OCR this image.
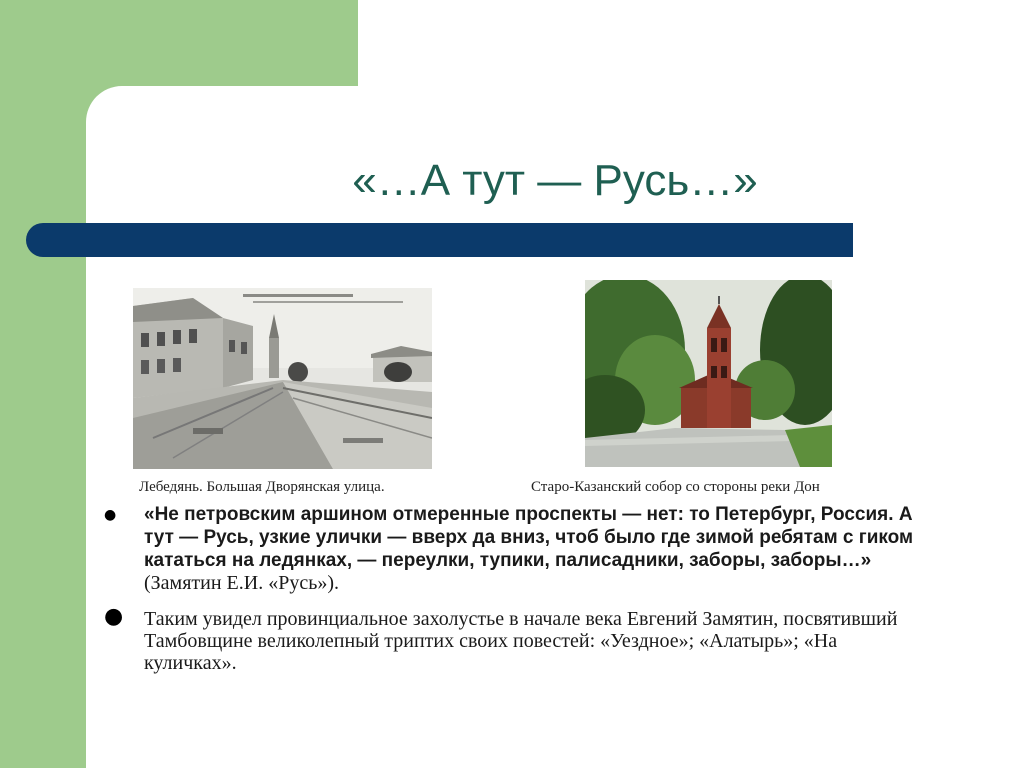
«…А тут — Русь…»
Лебедянь. Большая Дворянская улица.	Старо-Казанский собор со стороны реки Дон
● «Не петровским аршином отмеренные проспекты — нет: то Петербург, Россия. А тут — Русь, узкие улички — вверх да вниз, чтоб было где зимой ребятам с гиком кататься на ледянках, — переулки, тупики, палисадники, заборы, заборы…» (Замятин Е.И. «Русь»).
● Таким увидел провинциальное захолустье в начале века Евгений Замятин, посвятивший Тамбовщине великолепный триптих своих повестей: «Уездное»; «Алатырь»; «На куличках».
